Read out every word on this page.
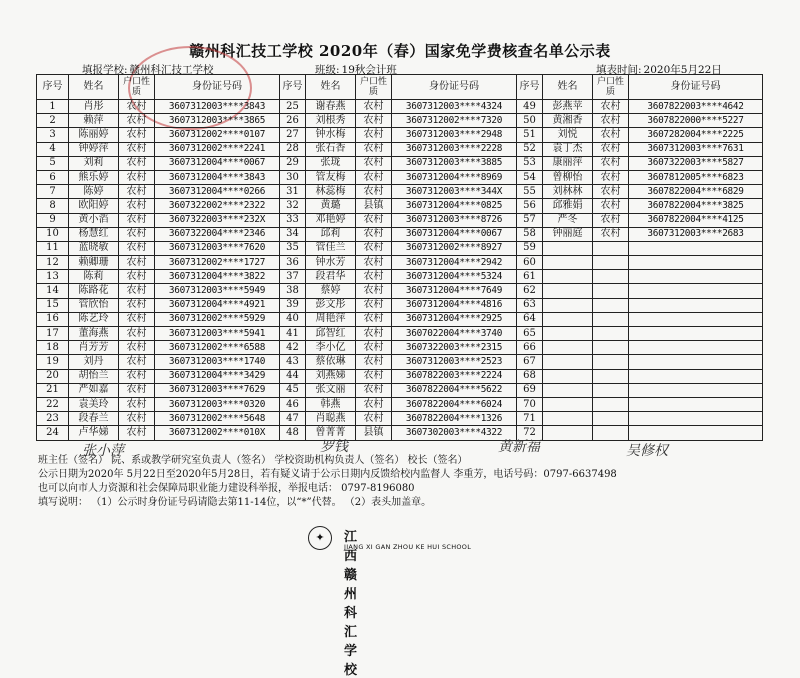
赣州科汇技工学校 2020年（春）国家免学费核查名单公示表
填报学校: 赣州科汇技工学校	班级: 19秋会计班	填表时间: 2020年5月22日
序号	姓名	户口性质	身份证号码	序号	姓名	户口性质	身份证号码	序号	姓名	户口性质	身份证号码
1	肖彤	农村	3607312003****3843	25	谢春燕	农村	3607312003****4324	49	彭燕苹	农村	3607822003****4642
2	赖萍	农村	3607312003****3865	26	刘根秀	农村	3607312002****7320	50	黄湘香	农村	3607822000****5227
3	陈丽婷	农村	3607312002****0107	27	钟水梅	农村	3607312003****2948	51	刘悦	农村	3607282004****2225
4	钟婷萍	农村	3607312002****2241	28	张石香	农村	3607312003****2228	52	袁丁杰	农村	3607312003****7631
5	刘莉	农村	3607312004****0067	29	张珑	农村	3607312003****3885	53	康丽萍	农村	3607322003****5827
6	熊乐婷	农村	3607312004****3843	30	管友梅	农村	3607312004****8969	54	曾柳怡	农村	3607812005****6823
7	陈婷	农村	3607312004****0266	31	林蕊梅	农村	3607312003****344X	55	刘林林	农村	3607822004****6829
8	欧阳婷	农村	3607322002****2322	32	黄璐	县镇	3607312004****0825	56	邱雅娟	农村	3607822004****3825
9	黄小滔	农村	3607322003****232X	33	邓艳婷	农村	3607312003****8726	57	严冬	农村	3607822004****4125
10	杨慧红	农村	3607322004****2346	34	邱莉	农村	3607312004****0067	58	钟丽庭	农村	3607312003****2683
11	蓝晓敏	农村	3607312003****7620	35	管佳兰	农村	3607312002****8927	59			
12	赖卿珊	农村	3607312002****1727	36	钟水芳	农村	3607312004****2942	60			
13	陈莉	农村	3607312004****3822	37	段君华	农村	3607312004****5324	61			
14	陈路花	农村	3607312003****5949	38	蔡婷	农村	3607312004****7649	62			
15	管欣怡	农村	3607312004****4921	39	彭文彤	农村	3607312004****4816	63			
16	陈艺玲	农村	3607312002****5929	40	周艳萍	农村	3607312004****2925	64			
17	董海燕	农村	3607312003****5941	41	邱智红	农村	3607022004****3740	65			
18	肖芳芳	农村	3607312002****6588	42	李小亿	农村	3607322003****2315	66			
19	刘丹	农村	3607312003****1740	43	蔡依琳	农村	3607312003****2523	67			
20	胡怡兰	农村	3607312004****3429	44	刘燕娣	农村	3607822003****2224	68			
21	严如嘉	农村	3607312003****7629	45	张文丽	农村	3607822004****5622	69			
22	袁美玲	农村	3607312003****0320	46	韩燕	农村	3607822004****6024	70			
23	段春兰	农村	3607312002****5648	47	肖聪燕	农村	3607822004****1326	71			
24	卢华娣	农村	3607312002****010X	48	曾菁菁	县镇	3607302003****4322	72			
班主任（签名） 院、系或教学研究室负责人（签名） 学校资助机构负责人（签名） 校长（签名）
张小萍	罗钱	黄新福	吴修权
公示日期为2020年 5月22日至2020年5月28日，若有疑义请于公示日期内反馈给校内监督人 李重芳，电话号码：0797-6637498
也可以向市人力资源和社会保障局职业能力建设科举报，举报电话： 0797-8196080
填写说明： （1）公示时身份证号码请隐去第11-14位，以“*”代替。 （2）表头加盖章。
✦	江西赣州科汇学校
JIANG XI GAN ZHOU KE HUI SCHOOL
